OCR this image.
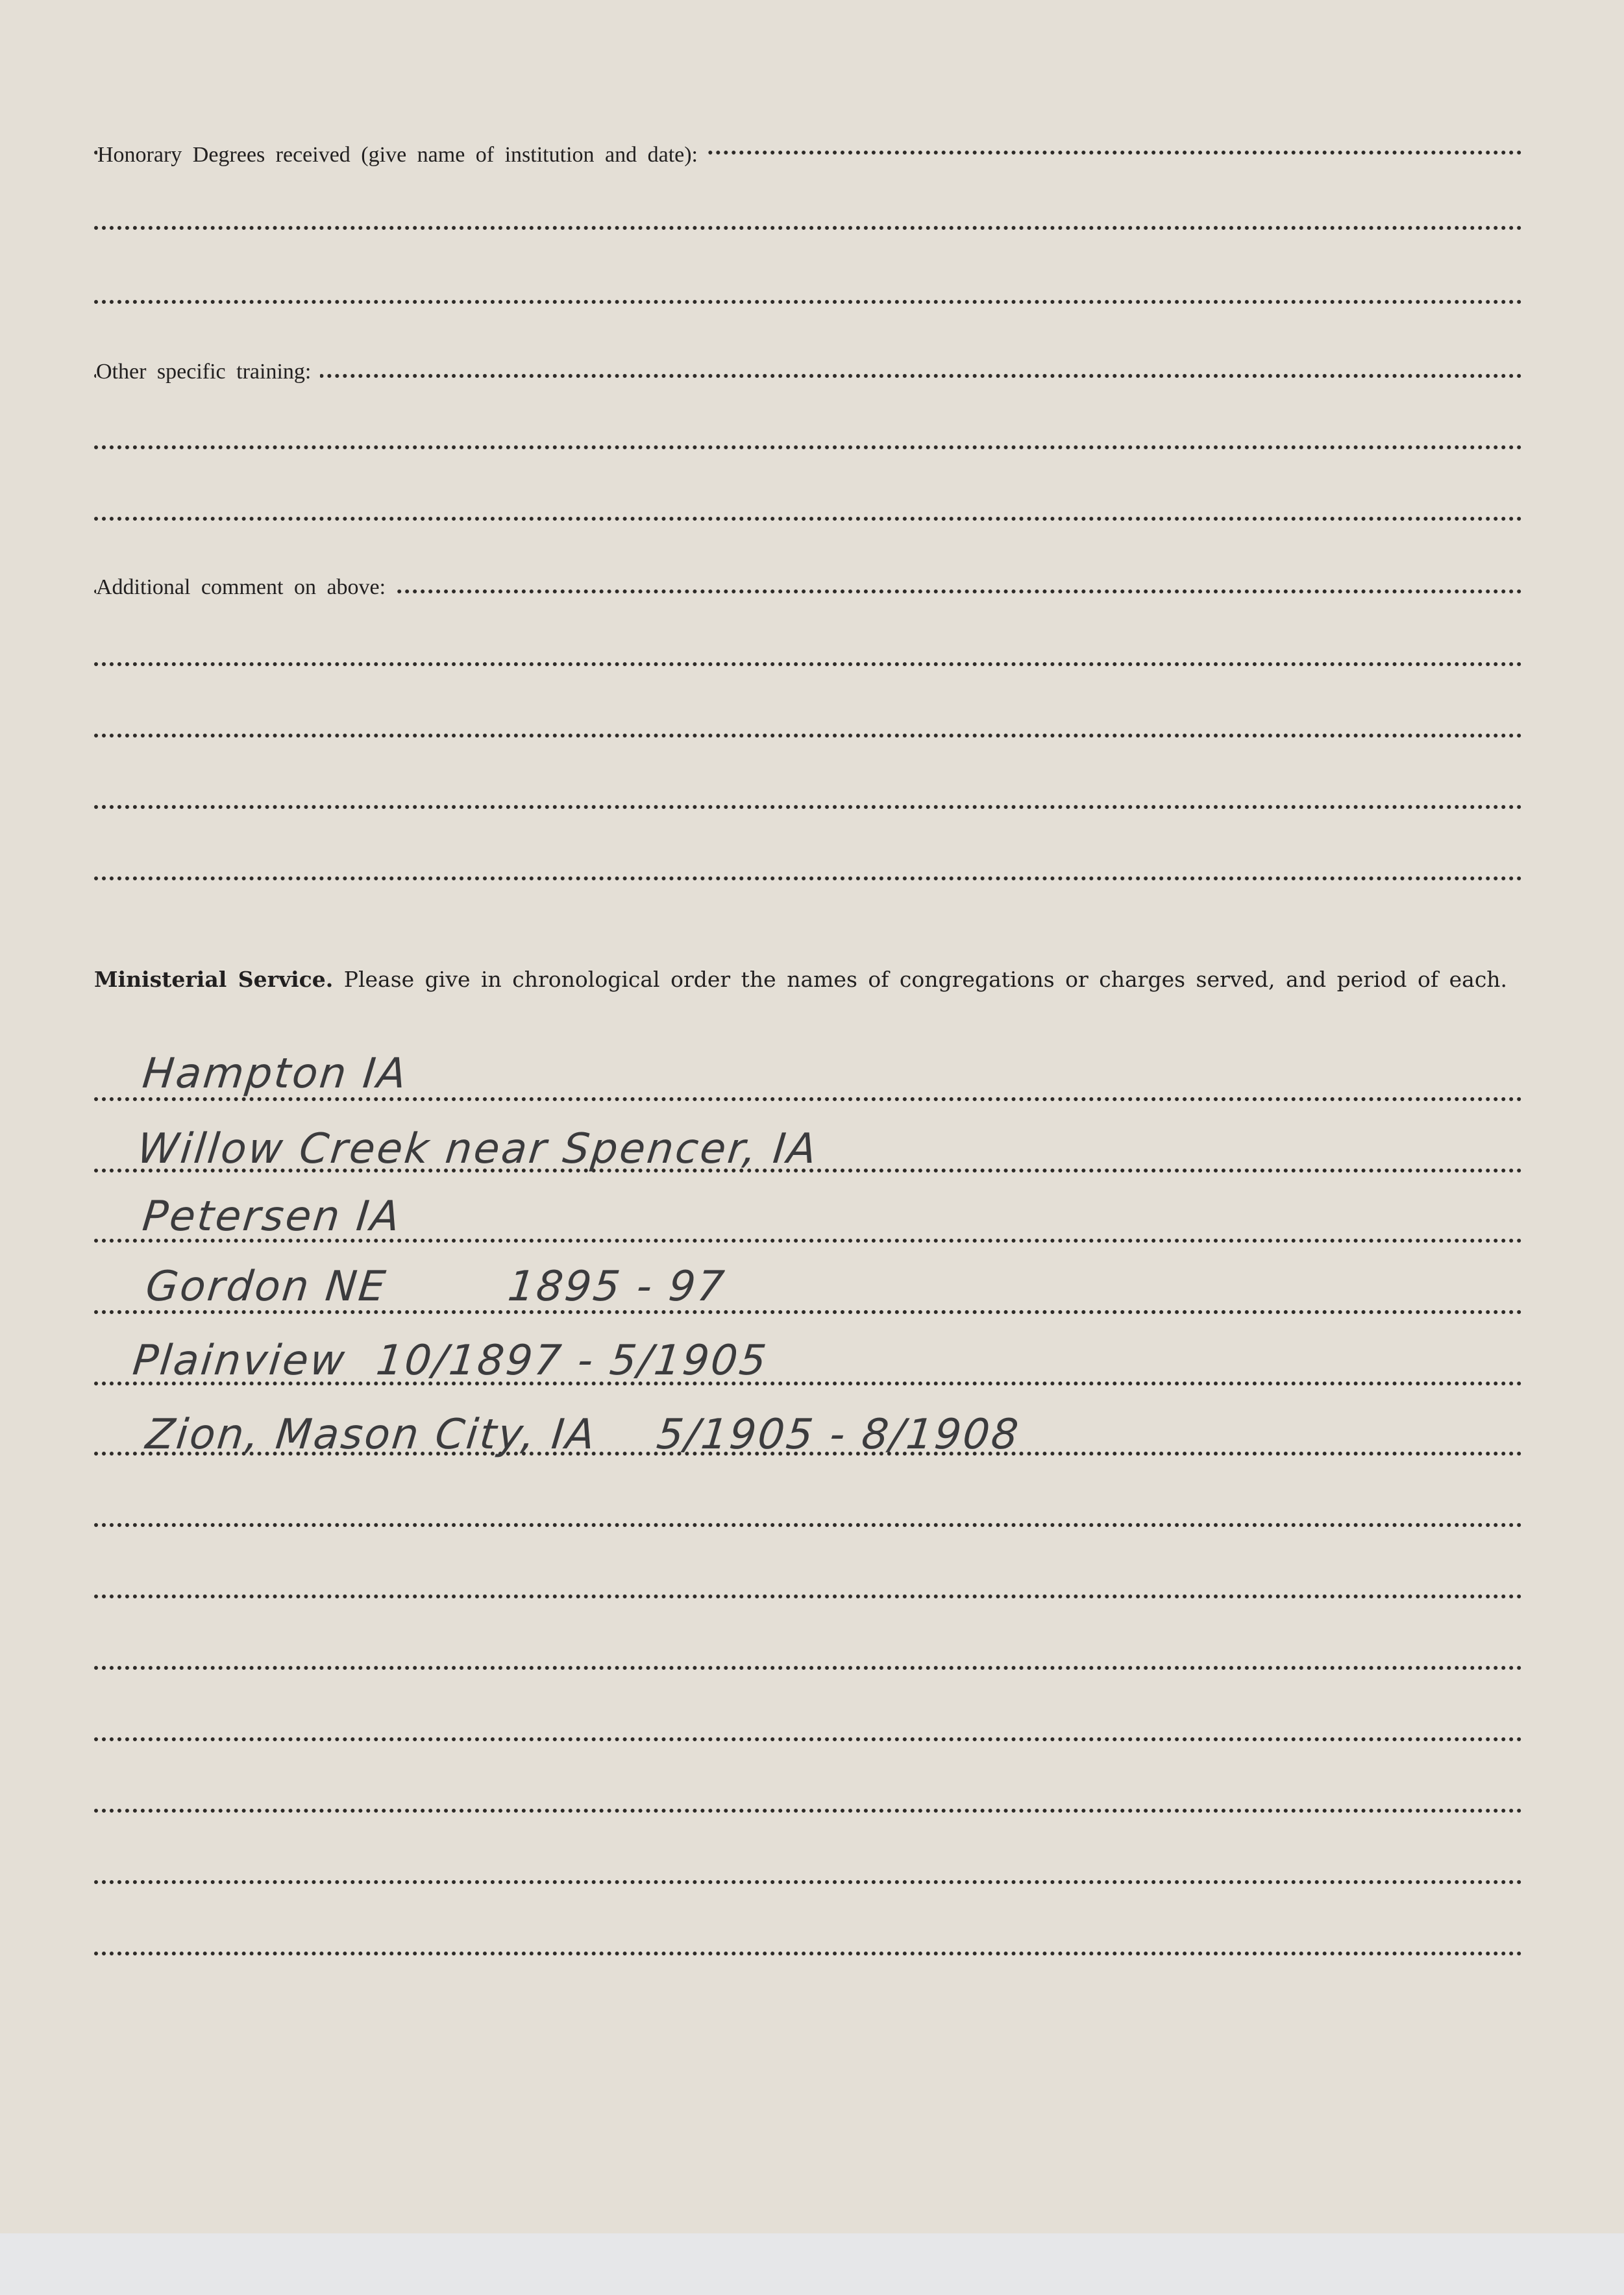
Honorary Degrees received (give name of institution and date):
Other specific training:
Additional comment on above:
Ministerial Service. Please give in chronological order the names of congregations or charges served, and period of each.
Hampton IA
Willow Creek near Spencer, IA
Petersen IA
Gordon NE        1895 - 97
Plainview  10/1897 - 5/1905
Zion, Mason City, IA    5/1905 - 8/1908
